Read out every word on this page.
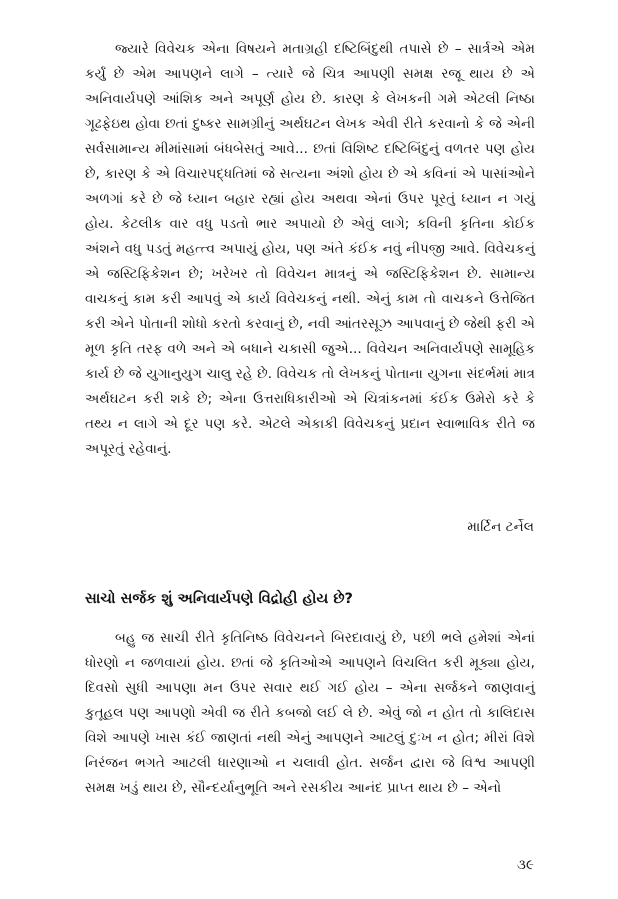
જ્યારે વિવેચક એના વિષયને મતાગ્રહી દષ્ટિબિંદુથી તપાસે છે – સાર્ત્રએ એમ કર્યું છે એમ આપણને લાગે – ત્યારે જે ચિત્ર આપણી સમક્ષ રજૂ થાય છે એ અનિવાર્યપણે આંશિક અને અપૂર્ણ હોય છે. કારણ કે લેખકની ગમે એટલી નિષ્ઠા ગૂઢફેઇથ હોવા છતાં દુષ્કર સામગ્રીનું અર્થઘટન લેખક એવી રીતે કરવાનો કે જે એની સર્વસામાન્ય મીમાંસામાં બંધબેસતું આવે... છતાં વિશિષ્ટ દષ્ટિબિંદુનું વળતર પણ હોય છે, કારણ કે એ વિચારપદ્ધતિમાં જે સત્યના અંશો હોય છે એ કવિનાં એ પાસાંઓને અળગાં કરે છે જે ધ્યાન બહાર રહ્યાં હોય અથવા એનાં ઉપર પૂરતું ધ્યાન ન ગયું હોય. કેટલીક વાર વધુ પડતો ભાર અપાયો છે એવું લાગે; કવિની કૃતિના કોઈક અંશને વધુ પડતું મહત્ત્વ અપાયું હોય, પણ અંતે કંઈક નવું નીપજી આવે. વિવેચકનું એ જસ્ટિફિકેશન છે; ખરેખર તો વિવેચન માત્રનું એ જસ્ટિફિકેશન છે. સામાન્ય વાચકનું કામ કરી આપવું એ કાર્ય વિવેચકનું નથી. એનું કામ તો વાચકને ઉત્તેજિત કરી એને પોતાની શોધો કરતો કરવાનું છે, નવી આંતરસૂઝ આપવાનું છે જેથી ફરી એ મૂળ કૃતિ તરફ વળે અને એ બધાને ચકાસી જુએ... વિવેચન અનિવાર્યપણે સામૂહિક કાર્ય છે જે યુગાનુયુગ ચાલુ રહે છે. વિવેચક તો લેખકનું પોતાના યુગના સંદર્ભમાં માત્ર અર્થઘટન કરી શકે છે; એના ઉત્તરાધિકારીઓ એ ચિત્રાંકનમાં કંઈક ઉમેરો કરે કે તથ્ય ન લાગે એ દૂર પણ કરે. એટલે એકાકી વિવેચકનું પ્રદાન સ્વાભાવિક રીતે જ અપૂરતું રહેવાનું.

માર્ટિન ટર્નેલ

સાચો સર્જક શું અનિવાર્યપણે વિદ્રોહી હોય છે?

બહુ જ સાચી રીતે કૃતિનિષ્ઠ વિવેચનને બિરદાવાયું છે, પછી ભલે હમેશાં એનાં ધોરણો ન જળવાયાં હોય. છતાં જે કૃતિઓએ આપણને વિચલિત કરી મૂક્યા હોય, દિવસો સુધી આપણા મન ઉપર સવાર થઈ ગઈ હોય – એના સર્જકને જાણવાનું કુતૂહલ પણ આપણો એવી જ રીતે કબજો લઈ લે છે. એવું જો ન હોત તો કાલિદાસ વિશે આપણે ખાસ કંઈ જાણતાં નથી એનું આપણને આટલું દુઃખ ન હોત; મીરાં વિશે નિરંજન ભગતે આટલી ધારણાઓ ન ચલાવી હોત. સર્જન દ્વારા જે વિશ્વ આપણી સમક્ષ ખડું થાય છે, સૌન્દર્યાનુભૂતિ અને રસકીય આનંદ પ્રાપ્ત થાય છે – એનો

૩૯
